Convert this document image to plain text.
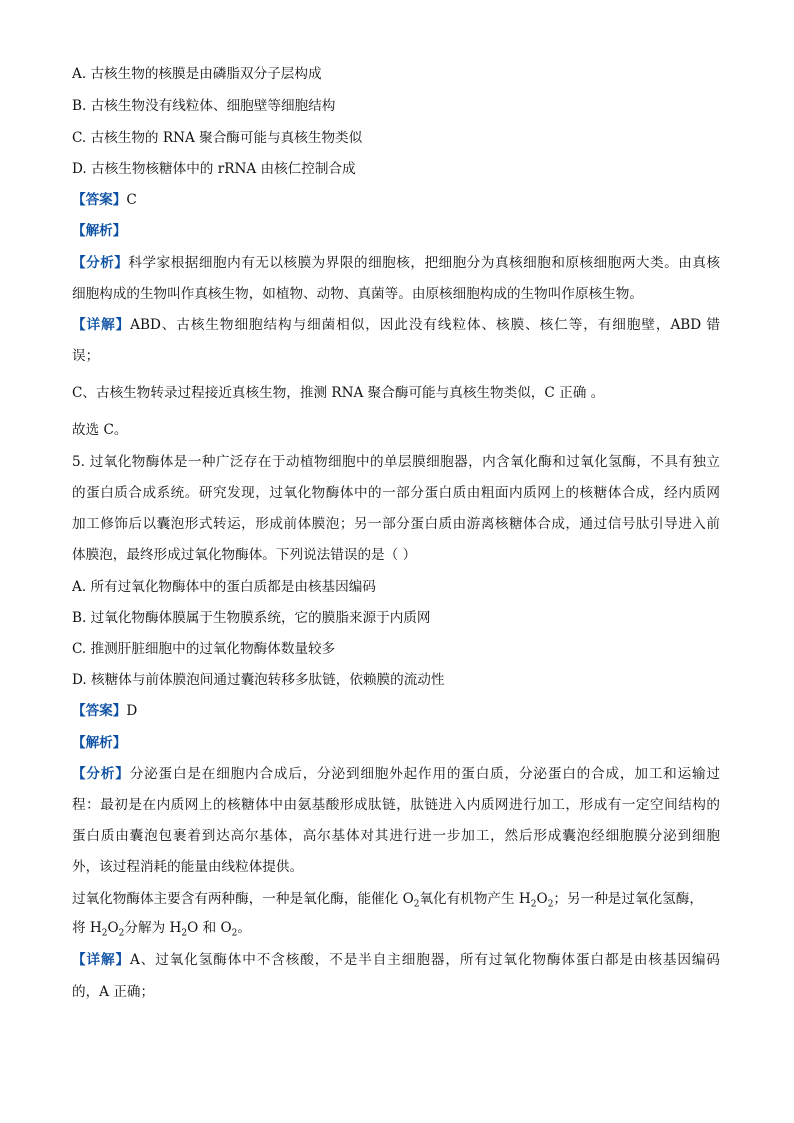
A. 古核生物的核膜是由磷脂双分子层构成
B. 古核生物没有线粒体、细胞壁等细胞结构
C. 古核生物的 RNA 聚合酶可能与真核生物类似
D. 古核生物核糖体中的 rRNA 由核仁控制合成
【答案】C
【解析】
【分析】科学家根据细胞内有无以核膜为界限的细胞核，把细胞分为真核细胞和原核细胞两大类。由真核
细胞构成的生物叫作真核生物，如植物、动物、真菌等。由原核细胞构成的生物叫作原核生物。
【详解】ABD、古核生物细胞结构与细菌相似，因此没有线粒体、核膜、核仁等，有细胞壁，ABD 错
误；
C、古核生物转录过程接近真核生物，推测 RNA 聚合酶可能与真核生物类似，C 正确 。
故选 C。
5. 过氧化物酶体是一种广泛存在于动植物细胞中的单层膜细胞器，内含氧化酶和过氧化氢酶，不具有独立
的蛋白质合成系统。研究发现，过氧化物酶体中的一部分蛋白质由粗面内质网上的核糖体合成，经内质网
加工修饰后以囊泡形式转运，形成前体膜泡；另一部分蛋白质由游离核糖体合成，通过信号肽引导进入前
体膜泡，最终形成过氧化物酶体。下列说法错误的是（ ）
A. 所有过氧化物酶体中的蛋白质都是由核基因编码
B. 过氧化物酶体膜属于生物膜系统，它的膜脂来源于内质网
C. 推测肝脏细胞中的过氧化物酶体数量较多
D. 核糖体与前体膜泡间通过囊泡转移多肽链，依赖膜的流动性
【答案】D
【解析】
【分析】分泌蛋白是在细胞内合成后，分泌到细胞外起作用的蛋白质，分泌蛋白的合成，加工和运输过
程：最初是在内质网上的核糖体中由氨基酸形成肽链，肽链进入内质网进行加工，形成有一定空间结构的
蛋白质由囊泡包裹着到达高尔基体，高尔基体对其进行进一步加工，然后形成囊泡经细胞膜分泌到细胞
外，该过程消耗的能量由线粒体提供。
过氧化物酶体主要含有两种酶，一种是氧化酶，能催化 $O_2$氧化有机物产生 $H_2O_2$；另一种是过氧化氢酶，
将 $H_2O_2$分解为 $H_2O$ 和 $O_2$。
【详解】A、过氧化氢酶体中不含核酸，不是半自主细胞器，所有过氧化物酶体蛋白都是由核基因编码
的，A 正确；
